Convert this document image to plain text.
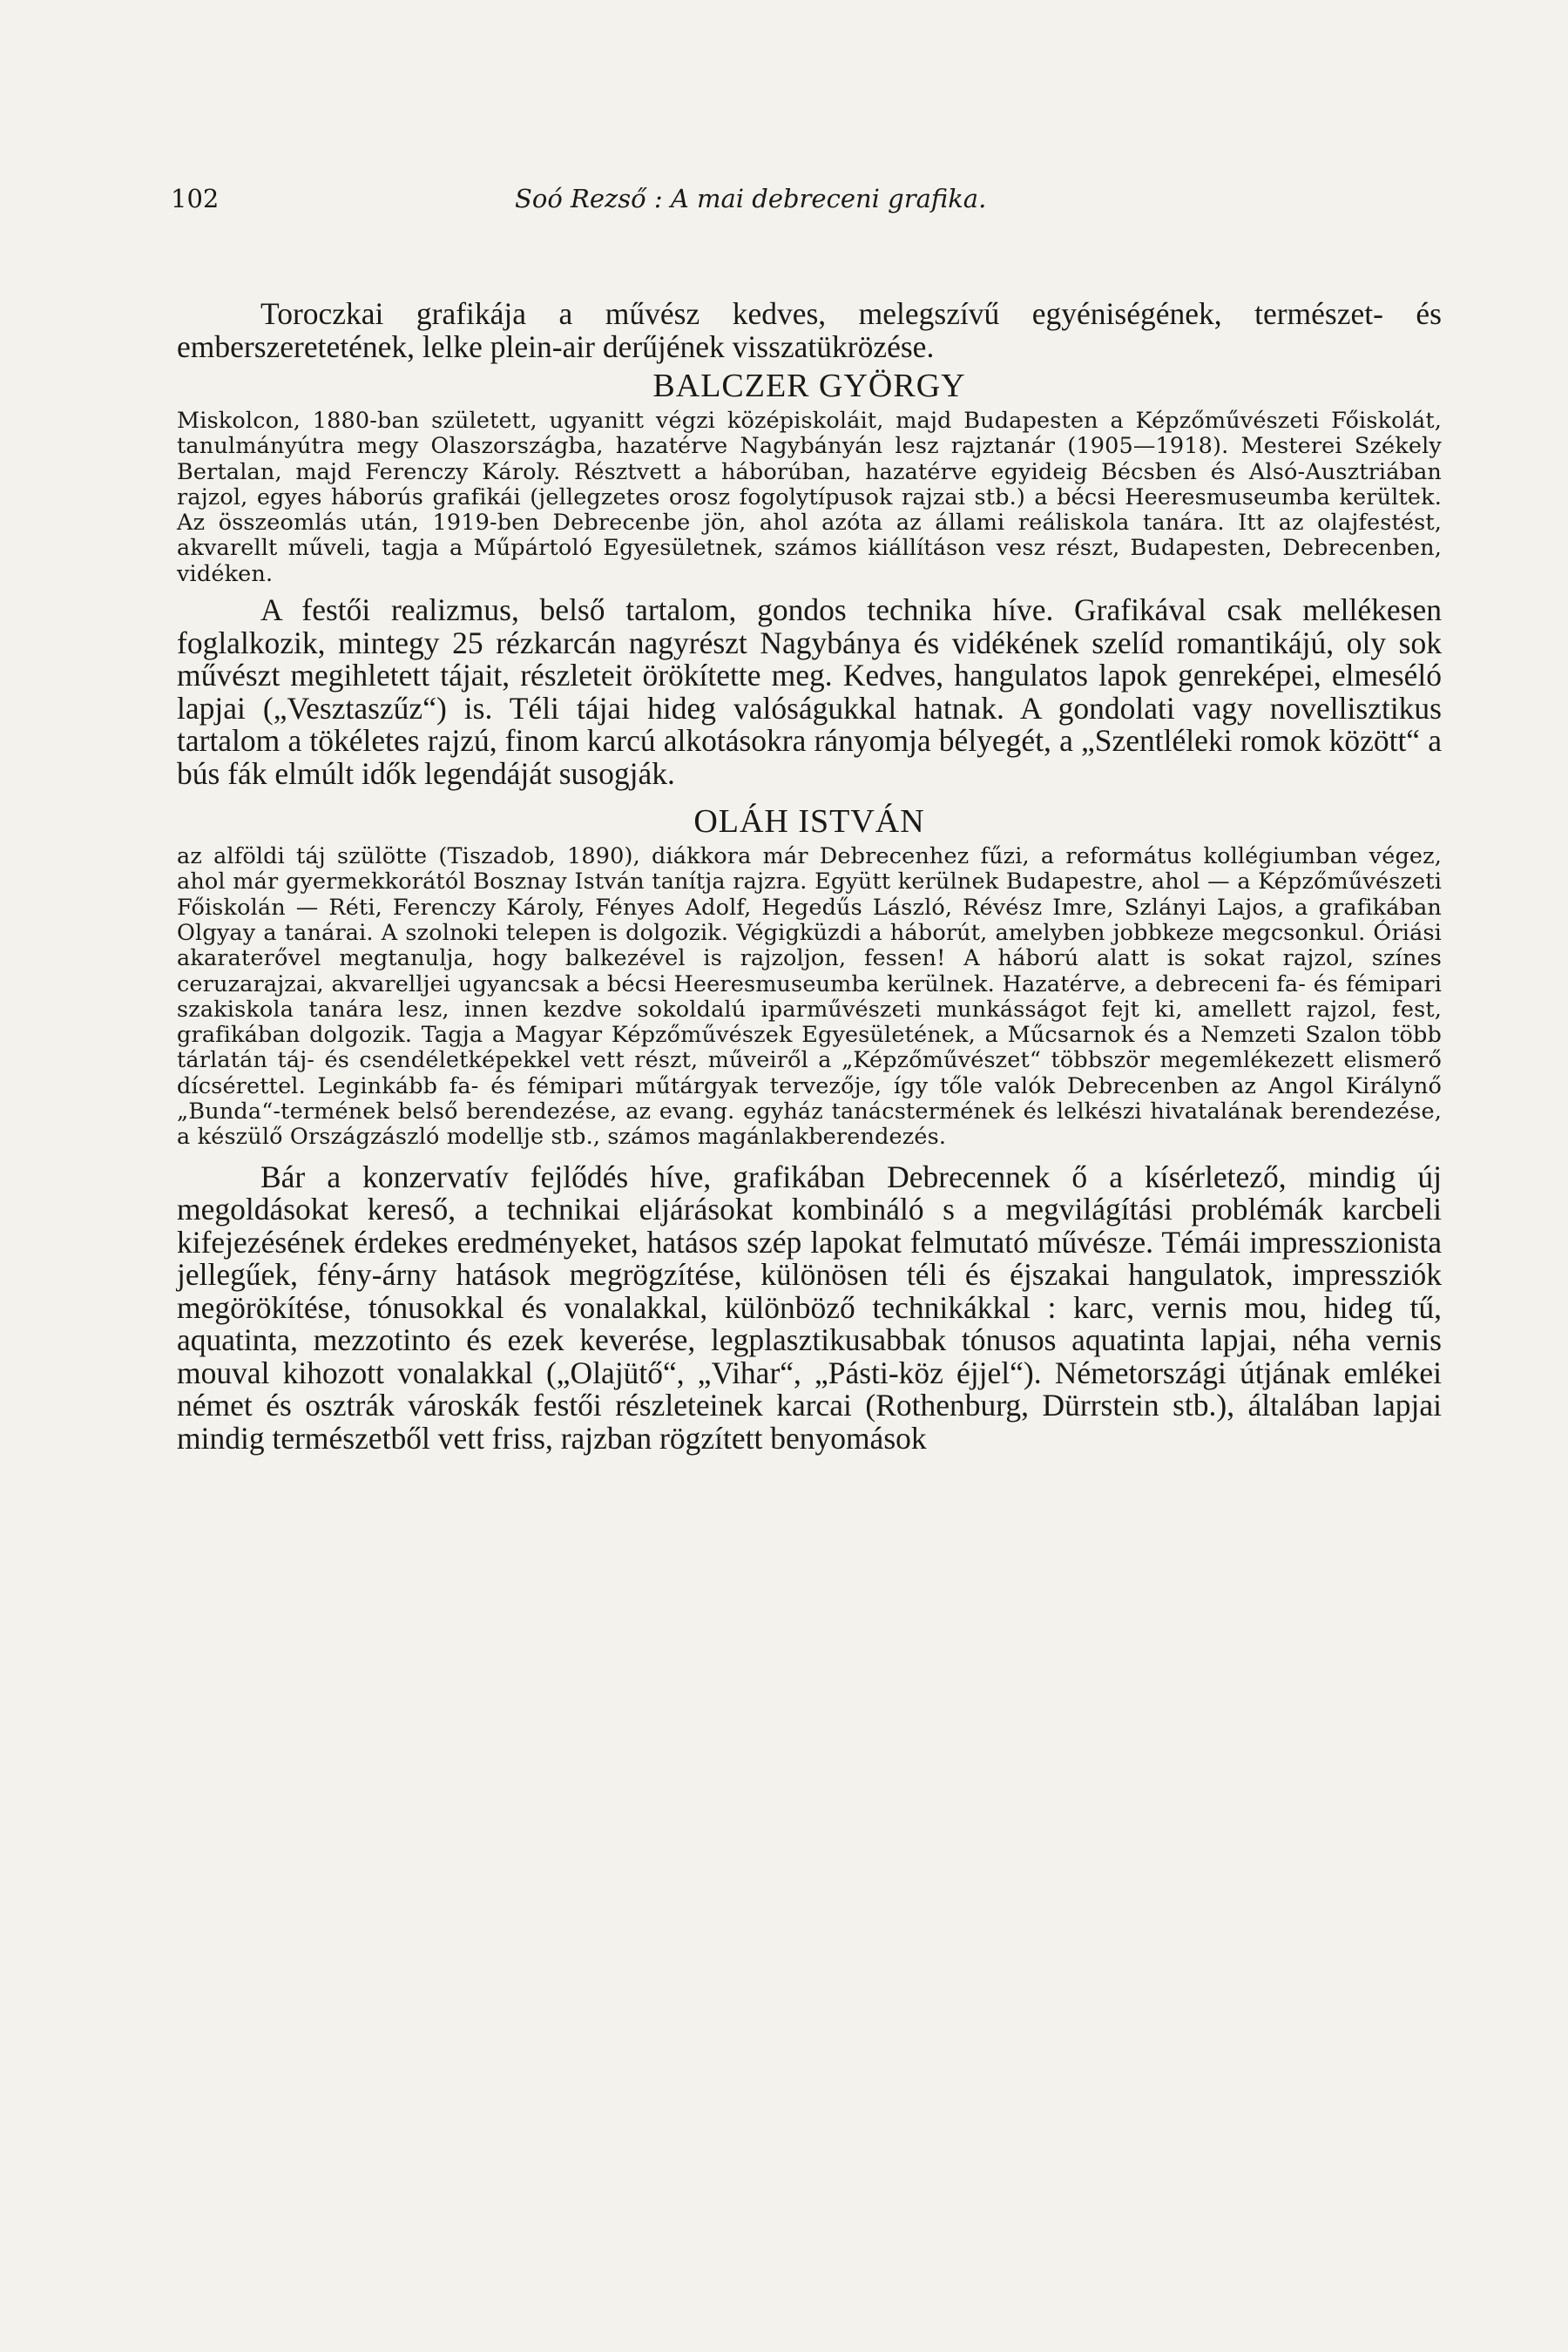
102	Soó Rezső : A mai debreceni grafika.

Toroczkai grafikája a művész kedves, melegszívű egyéniségének, természet- és emberszeretetének, lelke plein-air derűjének visszatükrözése.

BALCZER GYÖRGY

Miskolcon, 1880-ban született, ugyanitt végzi középiskoláit, majd Budapesten a Képzőművészeti Főiskolát, tanulmányútra megy Olaszországba, hazatérve Nagybányán lesz rajztanár (1905—1918). Mesterei Székely Bertalan, majd Ferenczy Károly. Résztvett a háborúban, hazatérve egyideig Bécsben és Alsó-Ausztriában rajzol, egyes háborús grafikái (jellegzetes orosz fogolytípusok rajzai stb.) a bécsi Heeresmuseumba kerültek. Az összeomlás után, 1919-ben Debrecenbe jön, ahol azóta az állami reáliskola tanára. Itt az olajfestést, akvarellt műveli, tagja a Műpártoló Egyesületnek, számos kiállításon vesz részt, Budapesten, Debrecenben, vidéken.

A festői realizmus, belső tartalom, gondos technika híve. Grafikával csak mellékesen foglalkozik, mintegy 25 rézkarcán nagyrészt Nagybánya és vidékének szelíd romantikájú, oly sok művészt megihletett tájait, részleteit örökítette meg. Kedves, hangulatos lapok genreképei, elmeséló lapjai („Vesztaszűz“) is. Téli tájai hideg valóságukkal hatnak. A gondolati vagy novellisztikus tartalom a tökéletes rajzú, finom karcú alkotásokra rányomja bélyegét, a „Szentléleki romok között“ a bús fák elmúlt idők legendáját susogják.

OLÁH ISTVÁN

az alföldi táj szülötte (Tiszadob, 1890), diákkora már Debrecenhez fűzi, a református kollégiumban végez, ahol már gyermekkorától Bosznay István tanítja rajzra. Együtt kerülnek Budapestre, ahol — a Képzőművészeti Főiskolán — Réti, Ferenczy Károly, Fényes Adolf, Hegedűs László, Révész Imre, Szlányi Lajos, a grafikában Olgyay a tanárai. A szolnoki telepen is dolgozik. Végigküzdi a háborút, amelyben jobbkeze megcsonkul. Óriási akaraterővel megtanulja, hogy balkezével is rajzoljon, fessen! A háború alatt is sokat rajzol, színes ceruzarajzai, akvarelljei ugyancsak a bécsi Heeresmuseumba kerülnek. Hazatérve, a debreceni fa- és fémipari szakiskola tanára lesz, innen kezdve sokoldalú iparművészeti munkásságot fejt ki, amellett rajzol, fest, grafikában dolgozik. Tagja a Magyar Képzőművészek Egyesületének, a Műcsarnok és a Nemzeti Szalon több tárlatán táj- és csendéletképekkel vett részt, műveiről a „Képzőművészet“ többször megemlékezett elismerő dícsérettel. Leginkább fa- és fémipari műtárgyak tervezője, így tőle valók Debrecenben az Angol Királynő „Bunda“-termének belső berendezése, az evang. egyház tanácstermének és lelkészi hivatalának berendezése, a készülő Országzászló modellje stb., számos magánlakberendezés.

Bár a konzervatív fejlődés híve, grafikában Debrecennek ő a kísérletező, mindig új megoldásokat kereső, a technikai eljárásokat kombináló s a megvilágítási problémák karcbeli kifejezésének érdekes eredményeket, hatásos szép lapokat felmutató művésze. Témái impresszionista jellegűek, fény-árny hatások megrögzítése, különösen téli és éjszakai hangulatok, impressziók megörökítése, tónusokkal és vonalakkal, különböző technikákkal : karc, vernis mou, hideg tű, aquatinta, mezzotinto és ezek keverése, legplasztikusabbak tónusos aquatinta lapjai, néha vernis mouval kihozott vonalakkal („Olajütő“, „Vihar“, „Pásti-köz éjjel“). Németországi útjának emlékei német és osztrák városkák festői részleteinek karcai (Rothenburg, Dürrstein stb.), általában lapjai mindig természetből vett friss, rajzban rögzített benyomások
